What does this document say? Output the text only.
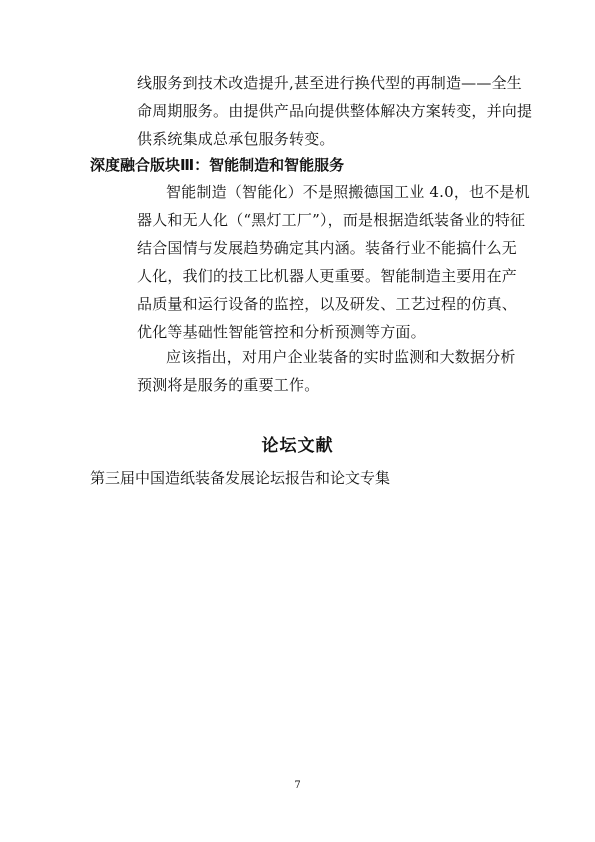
线服务到技术改造提升,甚至进行换代型的再制造——全生
命周期服务。由提供产品向提供整体解决方案转变，并向提
供系统集成总承包服务转变。
深度融合版块Ⅲ：智能制造和智能服务
智能制造（智能化）不是照搬德国工业 4.0，也不是机
器人和无人化（“黑灯工厂”），而是根据造纸装备业的特征
结合国情与发展趋势确定其内涵。装备行业不能搞什么无
人化，我们的技工比机器人更重要。智能制造主要用在产
品质量和运行设备的监控，以及研发、工艺过程的仿真、
优化等基础性智能管控和分析预测等方面。
应该指出，对用户企业装备的实时监测和大数据分析
预测将是服务的重要工作。
论坛文献
第三届中国造纸装备发展论坛报告和论文专集
7
